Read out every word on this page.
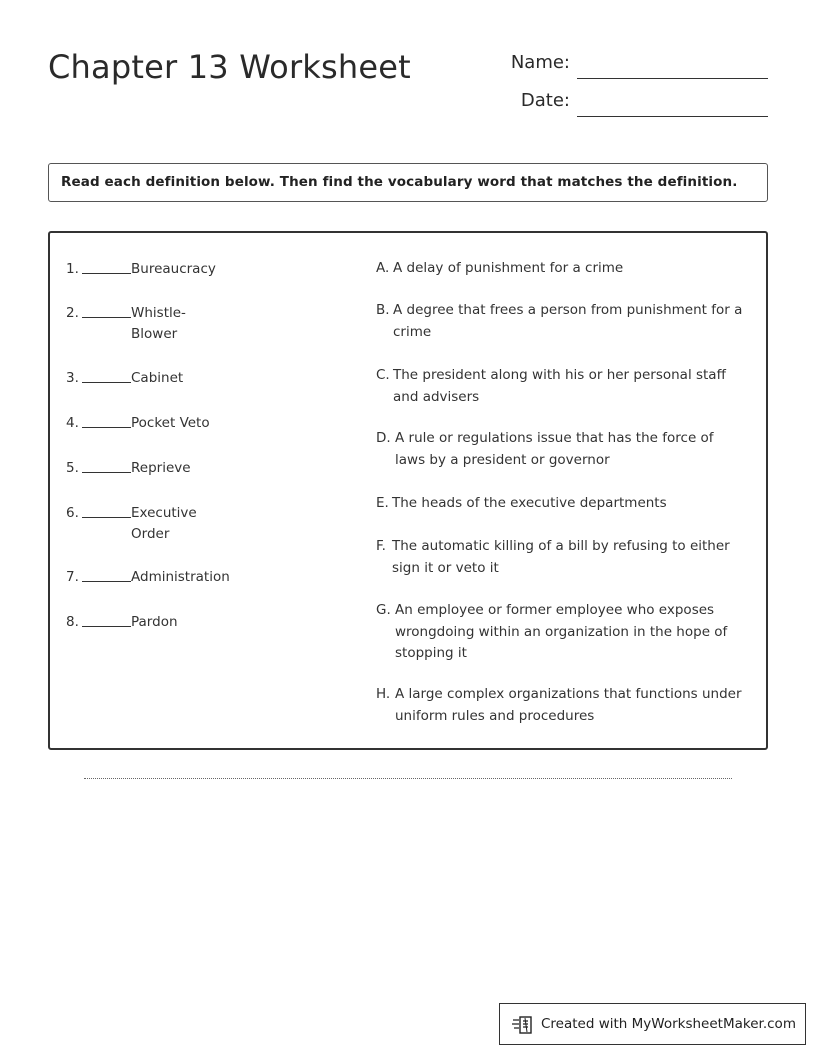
Chapter 13 Worksheet	Name:
Date:
Read each definition below. Then find the vocabulary word that matches the definition.
1.	Bureaucracy
2.	Whistle-Blower
3.	Cabinet
4.	Pocket Veto
5.	Reprieve
6.	Executive Order
7.	Administration
8.	Pardon
A. A delay of punishment for a crime
B. A degree that frees a person from punishment for a crime
C. The president along with his or her personal staff and advisers
D. A rule or regulations issue that has the force of laws by a president or governor
E. The heads of the executive departments
F. The automatic killing of a bill by refusing to either sign it or veto it
G. An employee or former employee who exposes wrongdoing within an organization in the hope of stopping it
H. A large complex organizations that functions under uniform rules and procedures
Created with MyWorksheetMaker.com
